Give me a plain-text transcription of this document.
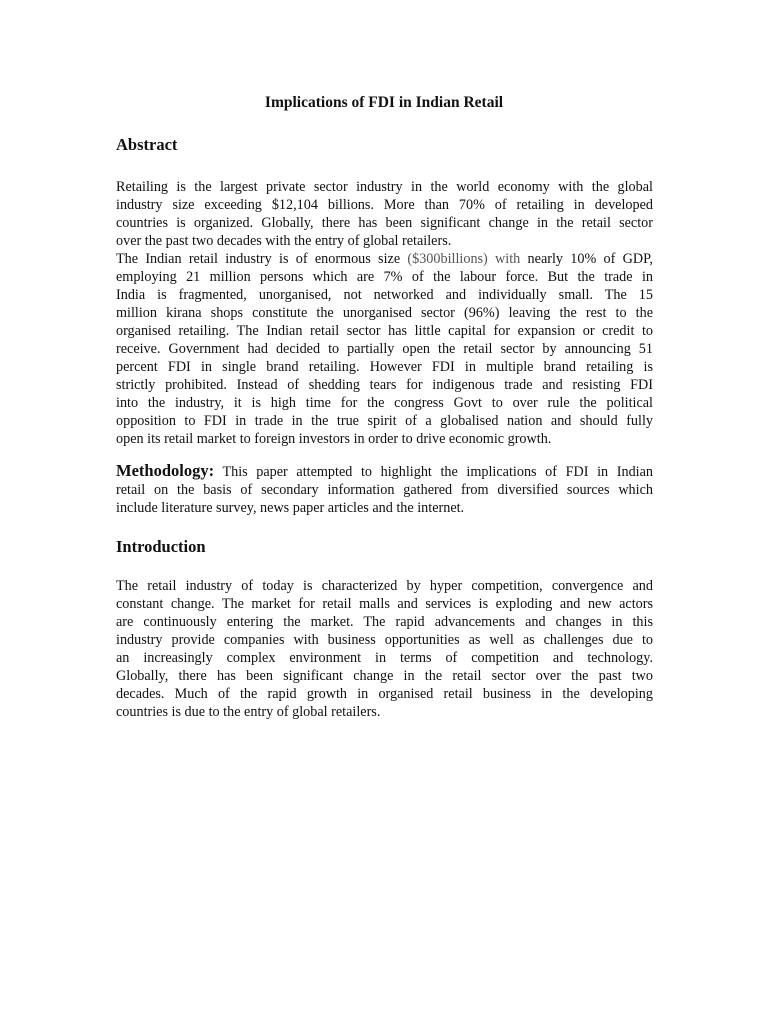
Implications of FDI in Indian Retail
Abstract
Retailing is the largest private sector industry in the world economy with the global
industry size exceeding $12,104 billions. More than 70% of retailing in developed
countries is organized. Globally, there has been significant change in the retail sector
over the past two decades with the entry of global retailers.
The Indian retail industry is of enormous size ($300billions) with nearly 10% of GDP,
employing 21 million persons which are 7% of the labour force. But the trade in
India is fragmented, unorganised, not networked and individually small. The 15
million kirana shops constitute the unorganised sector (96%) leaving the rest to the
organised retailing. The Indian retail sector has little capital for expansion or credit to
receive. Government had decided to partially open the retail sector by announcing 51
percent FDI in single brand retailing. However FDI in multiple brand retailing is
strictly prohibited. Instead of shedding tears for indigenous trade and resisting FDI
into the industry, it is high time for the congress Govt to over rule the political
opposition to FDI in trade in the true spirit of a globalised nation and should fully
open its retail market to foreign investors in order to drive economic growth.
Methodology: This paper attempted to highlight the implications of FDI in Indian
retail on the basis of secondary information gathered from diversified sources which
include literature survey, news paper articles and the internet.
Introduction
The retail industry of today is characterized by hyper competition, convergence and
constant change. The market for retail malls and services is exploding and new actors
are continuously entering the market. The rapid advancements and changes in this
industry provide companies with business opportunities as well as challenges due to
an increasingly complex environment in terms of competition and technology.
Globally, there has been significant change in the retail sector over the past two
decades. Much of the rapid growth in organised retail business in the developing
countries is due to the entry of global retailers.
